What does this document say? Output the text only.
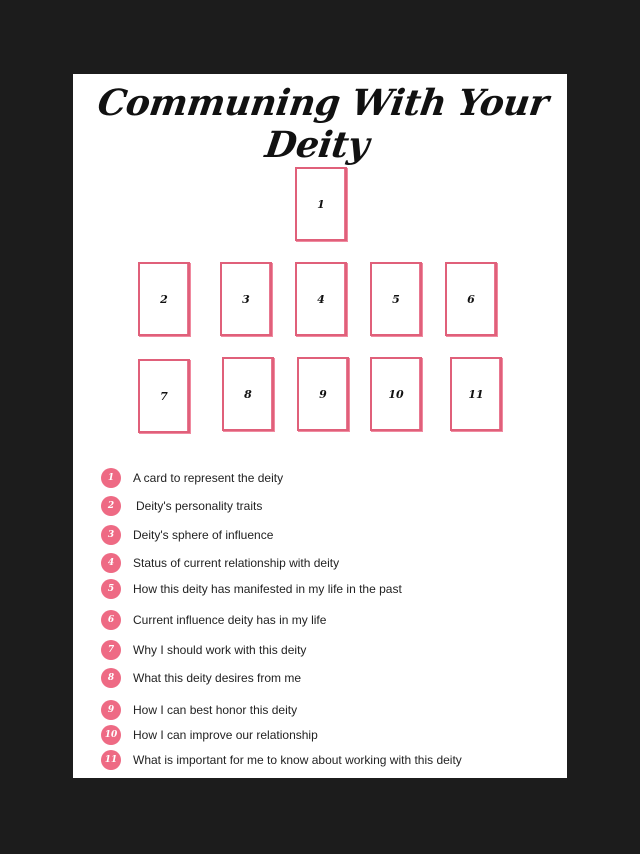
Communing With Your Deity
1
2	3	4	5	6
7	8	9	10	11
1 A card to represent the deity
2 Deity's personality traits
3 Deity's sphere of influence
4 Status of current relationship with deity
5 How this deity has manifested in my life in the past
6 Current influence deity has in my life
7 Why I should work with this deity
8 What this deity desires from me
9 How I can best honor this deity
10 How I can improve our relationship
11 What is important for me to know about working with this deity
